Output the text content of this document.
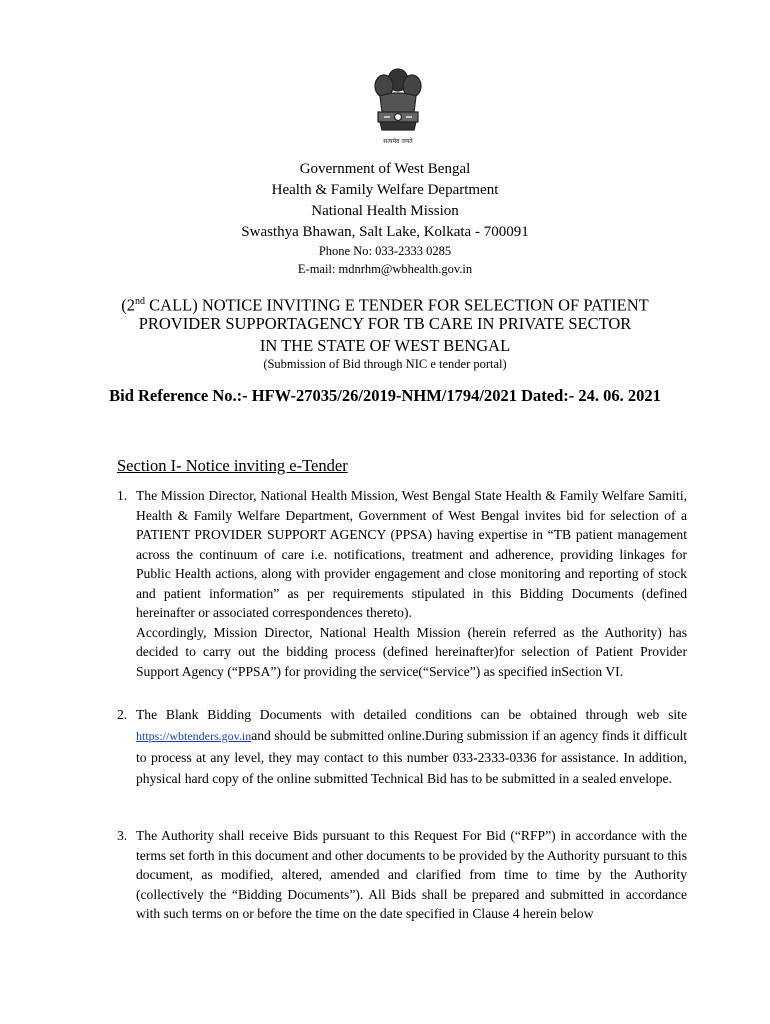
सत्यमेव जयते
Government of West Bengal
Health & Family Welfare Department
National Health Mission
Swasthya Bhawan, Salt Lake, Kolkata - 700091
Phone No: 033-2333 0285
E-mail: mdnrhm@wbhealth.gov.in
(2nd CALL) NOTICE INVITING E TENDER FOR SELECTION OF PATIENT
PROVIDER SUPPORTAGENCY FOR TB CARE IN PRIVATE SECTOR
IN THE STATE OF WEST BENGAL
(Submission of Bid through NIC e tender portal)
Bid Reference No.:- HFW-27035/26/2019-NHM/1794/2021 Dated:- 24. 06. 2021
Section I- Notice inviting e-Tender
1. The Mission Director, National Health Mission, West Bengal State Health & Family Welfare Samiti, Health & Family Welfare Department, Government of West Bengal invites bid for selection of a PATIENT PROVIDER SUPPORT AGENCY (PPSA) having expertise in “TB patient management across the continuum of care i.e. notifications, treatment and adherence, providing linkages for Public Health actions, along with provider engagement and close monitoring and reporting of stock and patient information” as per requirements stipulated in this Bidding Documents (defined hereinafter or associated correspondences thereto).

Accordingly, Mission Director, National Health Mission (herein referred as the Authority) has decided to carry out the bidding process (defined hereinafter)for selection of Patient Provider Support Agency (“PPSA”) for providing the service(“Service”) as specified inSection VI.

2. The Blank Bidding Documents with detailed conditions can be obtained through web site https://wbtenders.gov.inand should be submitted online.During submission if an agency finds it difficult to process at any level, they may contact to this number 033-2333-0336 for assistance. In addition, physical hard copy of the online submitted Technical Bid has to be submitted in a sealed envelope.

3. The Authority shall receive Bids pursuant to this Request For Bid (“RFP”) in accordance with the terms set forth in this document and other documents to be provided by the Authority pursuant to this document, as modified, altered, amended and clarified from time to time by the Authority (collectively the “Bidding Documents”). All Bids shall be prepared and submitted in accordance with such terms on or before the time on the date specified in Clause 4 herein below
